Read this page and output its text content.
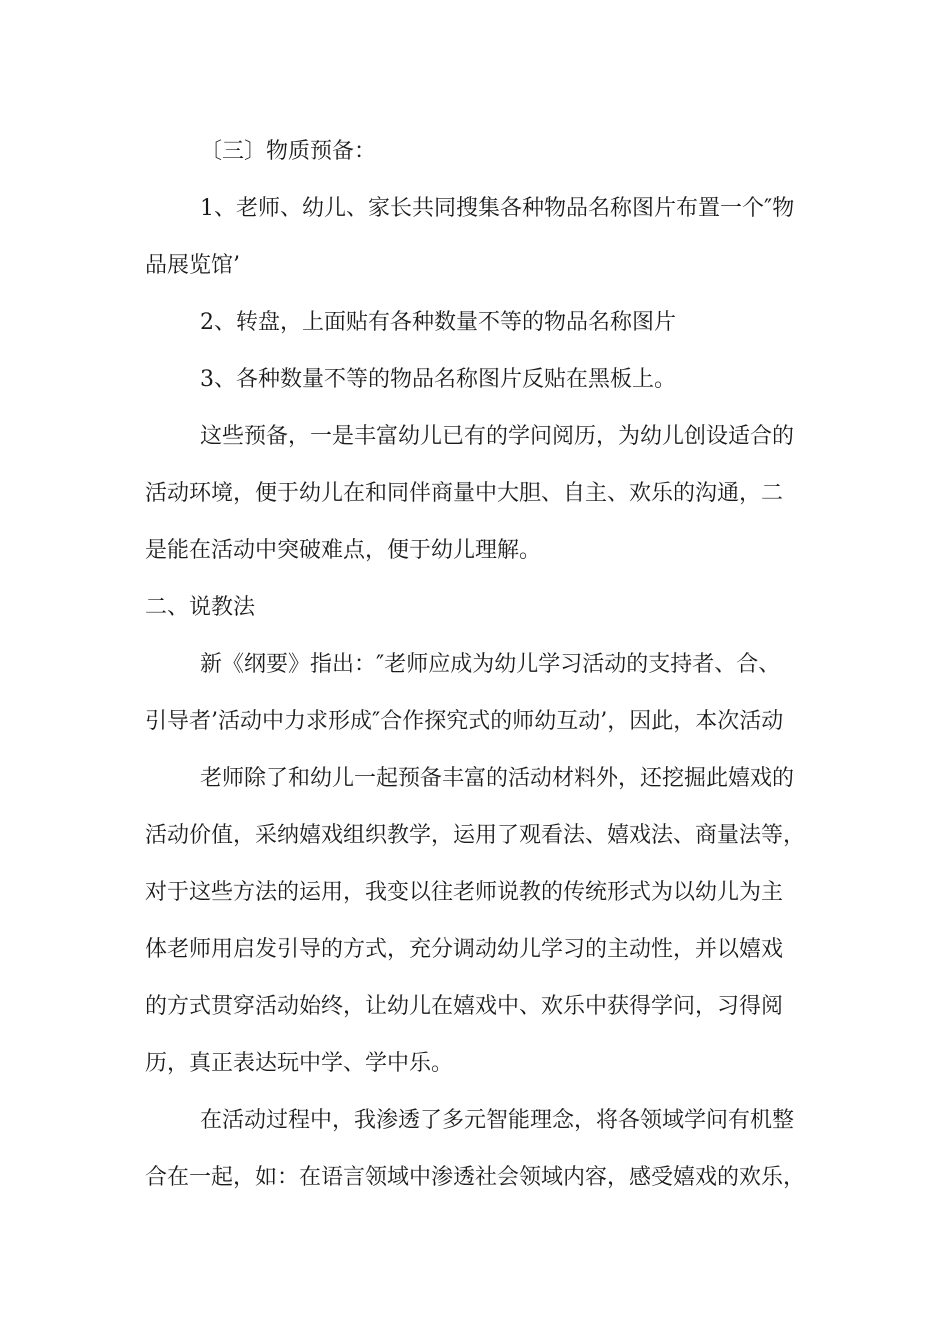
〔三〕物质预备：

1、老师、幼儿、家长共同搜集各种物品名称图片布置一个″物

品展览馆’

2、转盘，上面贴有各种数量不等的物品名称图片

3、各种数量不等的物品名称图片反贴在黑板上。

这些预备，一是丰富幼儿已有的学问阅历，为幼儿创设适合的

活动环境，便于幼儿在和同伴商量中大胆、自主、欢乐的沟通，二

是能在活动中突破难点，便于幼儿理解。

二、说教法

新《纲要》指出：″老师应成为幼儿学习活动的支持者、合、

引导者’活动中力求形成″合作探究式的师幼互动’，因此，本次活动

老师除了和幼儿一起预备丰富的活动材料外，还挖掘此嬉戏的

活动价值，采纳嬉戏组织教学，运用了观看法、嬉戏法、商量法等，

对于这些方法的运用，我变以往老师说教的传统形式为以幼儿为主

体老师用启发引导的方式，充分调动幼儿学习的主动性，并以嬉戏

的方式贯穿活动始终，让幼儿在嬉戏中、欢乐中获得学问，习得阅

历，真正表达玩中学、学中乐。

在活动过程中，我渗透了多元智能理念，将各领域学问有机整

合在一起，如：在语言领域中渗透社会领域内容，感受嬉戏的欢乐，
